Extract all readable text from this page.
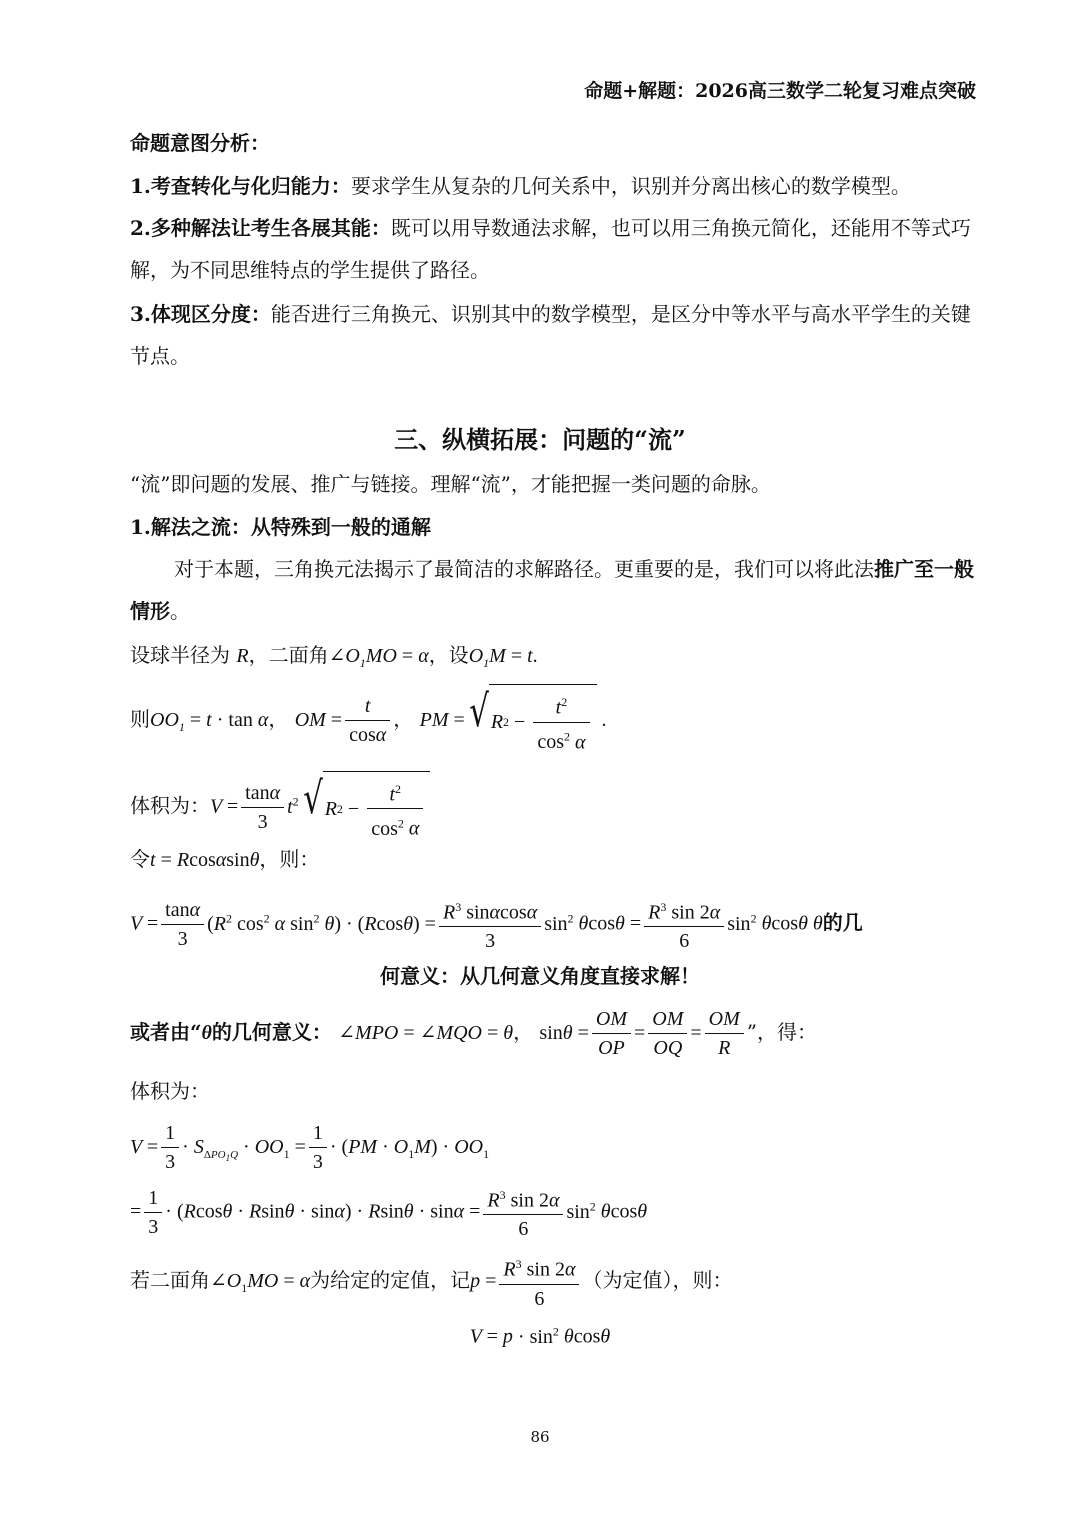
命题+解题：2026高三数学二轮复习难点突破
命题意图分析：
1.考查转化与化归能力：要求学生从复杂的几何关系中，识别并分离出核心的数学模型。
2.多种解法让考生各展其能：既可以用导数通法求解，也可以用三角换元简化，还能用不等式巧解，为不同思维特点的学生提供了路径。
3.体现区分度：能否进行三角换元、识别其中的数学模型，是区分中等水平与高水平学生的关键节点。
三、纵横拓展：问题的“流”
“流”即问题的发展、推广与链接。理解“流”，才能把握一类问题的命脉。
1.解法之流：从特殊到一般的通解
对于本题，三角换元法揭示了最简洁的求解路径。更重要的是，我们可以将此法推广至一般情形。
设球半径为 R，二面角$\angle O_1MO = \alpha$，设$O_1M = t$.
则$OO_1 = t \cdot \tan \alpha$， OM = $\frac{t}{\cos\alpha}$ ， PM = √ R $2 - \frac{t^2}{\cos^2 \alpha}$ .
体积为：$V = \frac{\tan\alpha}{3} t^2$ √ R $2 - \frac{t^2}{\cos^2 \alpha}$
令t = Rcosαsinθ，则：
$V = \frac{\tan\alpha}{3} (R^2$ $\cos^2 \alpha$ $\sin^2 \theta) \cdot (Rcos\theta) = \frac{R^3 \sin\alpha\cos\alpha}{3} \sin^2 \theta\cos\theta = \frac{R^3 \sin 2\alpha}{6} \sin^2 \theta\cos\theta$ θ的几
何意义：从几何意义角度直接求解！
或者由“θ的几何意义： ∠MPO = ∠MQO = θ， $\sin\theta = \frac{OM}{OP} = \frac{OM}{OQ} = \frac{OM}{R}$ ”，得：
体积为：
$V = \frac{1}{3} \cdot S_{\Delta PO_1Q} \cdot OO_1 = \frac{1}{3} \cdot (PM \cdot O_1M) \cdot OO_1$
= $\frac{1}{3} \cdot (Rcos\theta \cdot Rsin\theta \cdot \sin\alpha) \cdot Rsin\theta \cdot \sin\alpha = \frac{R^3 \sin 2\alpha}{6} \sin^2 \theta\cos\theta$
若二面角$\angle O_1MO = \alpha$为给定的定值，记$p = \frac{R^3 \sin 2\alpha}{6}$ （为定值），则：
$V = p \cdot \sin^2 \theta\cos\theta$
86
